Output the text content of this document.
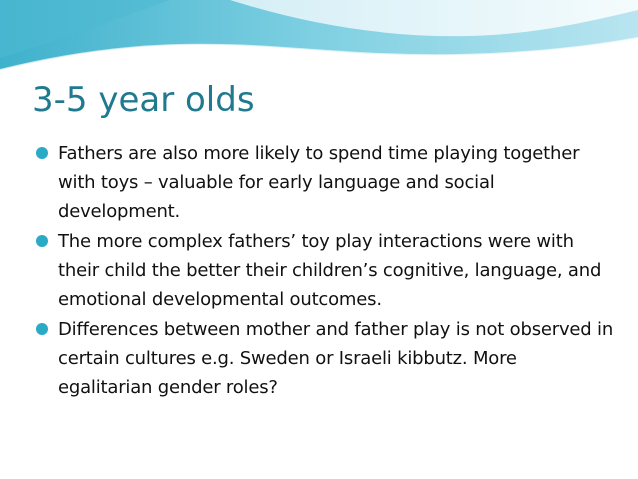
3-5 year olds
Fathers are also more likely to spend time playing together with toys – valuable for early language and social development.
The more complex fathers’ toy play interactions were with their child the better their children’s cognitive, language, and emotional developmental outcomes.
Differences between mother and father play is not observed in certain cultures e.g. Sweden or Israeli kibbutz. More egalitarian gender roles?
